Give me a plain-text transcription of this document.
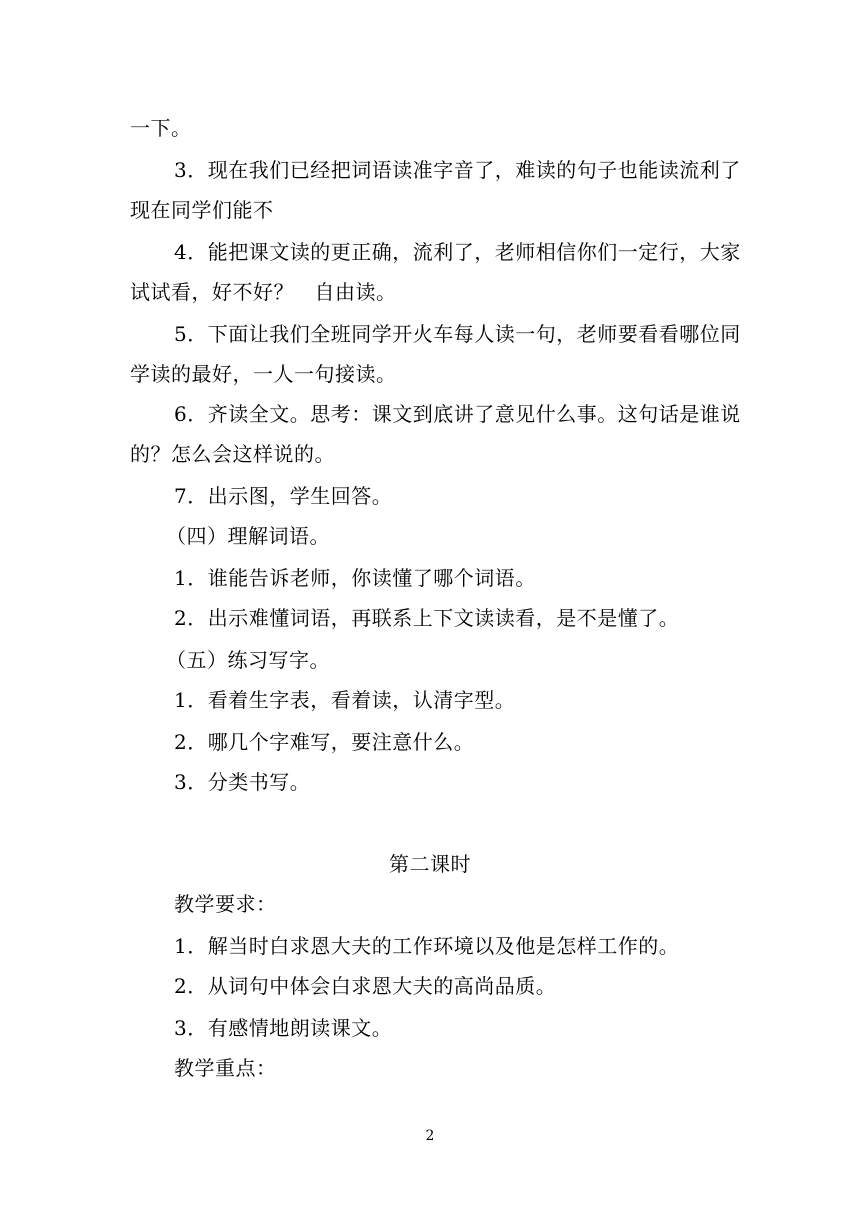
一下。
3．现在我们已经把词语读准字音了，难读的句子也能读流利了
现在同学们能不
4．能把课文读的更正确，流利了，老师相信你们一定行，大家
试试看，好不好？　自由读。
5．下面让我们全班同学开火车每人读一句，老师要看看哪位同
学读的最好，一人一句接读。
6．齐读全文。思考：课文到底讲了意见什么事。这句话是谁说
的？怎么会这样说的。
7．出示图，学生回答。
（四）理解词语。
1．谁能告诉老师，你读懂了哪个词语。
2．出示难懂词语，再联系上下文读读看，是不是懂了。
（五）练习写字。
1．看着生字表，看着读，认清字型。
2．哪几个字难写，要注意什么。
3．分类书写。
第二课时
教学要求：
1．解当时白求恩大夫的工作环境以及他是怎样工作的。
2．从词句中体会白求恩大夫的高尚品质。
3．有感情地朗读课文。
教学重点：
2
